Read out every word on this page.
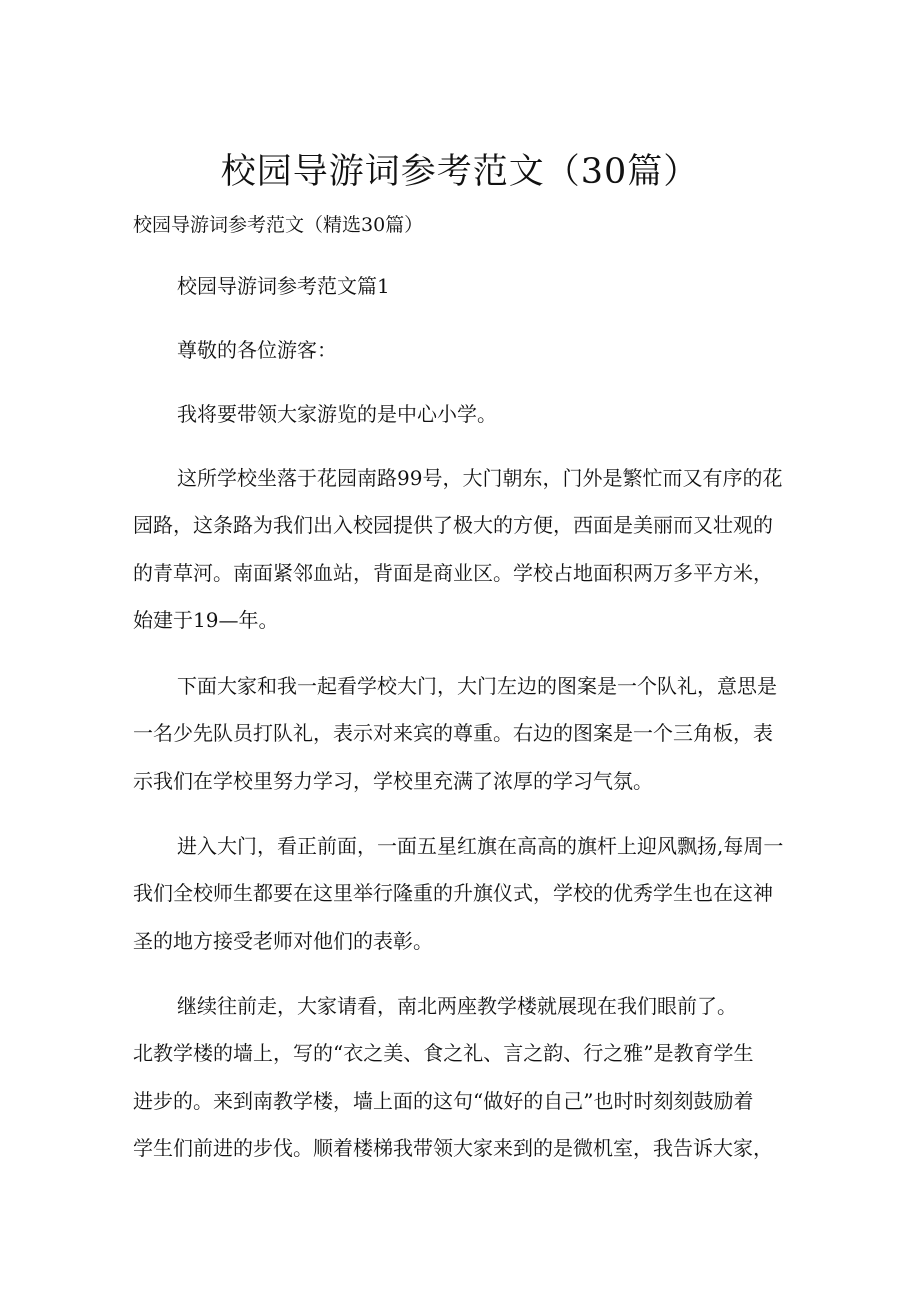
校园导游词参考范文（30篇）

校园导游词参考范文（精选30篇）

校园导游词参考范文篇1

尊敬的各位游客：

我将要带领大家游览的是中心小学。

这所学校坐落于花园南路99号，大门朝东，门外是繁忙而又有序的花

园路，这条路为我们出入校园提供了极大的方便，西面是美丽而又壮观的

的青草河。南面紧邻血站，背面是商业区。学校占地面积两万多平方米，

始建于19—年。

下面大家和我一起看学校大门，大门左边的图案是一个队礼，意思是

一名少先队员打队礼，表示对来宾的尊重。右边的图案是一个三角板，表

示我们在学校里努力学习，学校里充满了浓厚的学习气氛。

进入大门，看正前面，一面五星红旗在高高的旗杆上迎风飘扬,每周一

我们全校师生都要在这里举行隆重的升旗仪式，学校的优秀学生也在这神

圣的地方接受老师对他们的表彰。

继续往前走，大家请看，南北两座教学楼就展现在我们眼前了。

北教学楼的墙上，写的“衣之美、食之礼、言之韵、行之雅”是教育学生

进步的。来到南教学楼，墙上面的这句“做好的自己”也时时刻刻鼓励着

学生们前进的步伐。顺着楼梯我带领大家来到的是微机室，我告诉大家，
